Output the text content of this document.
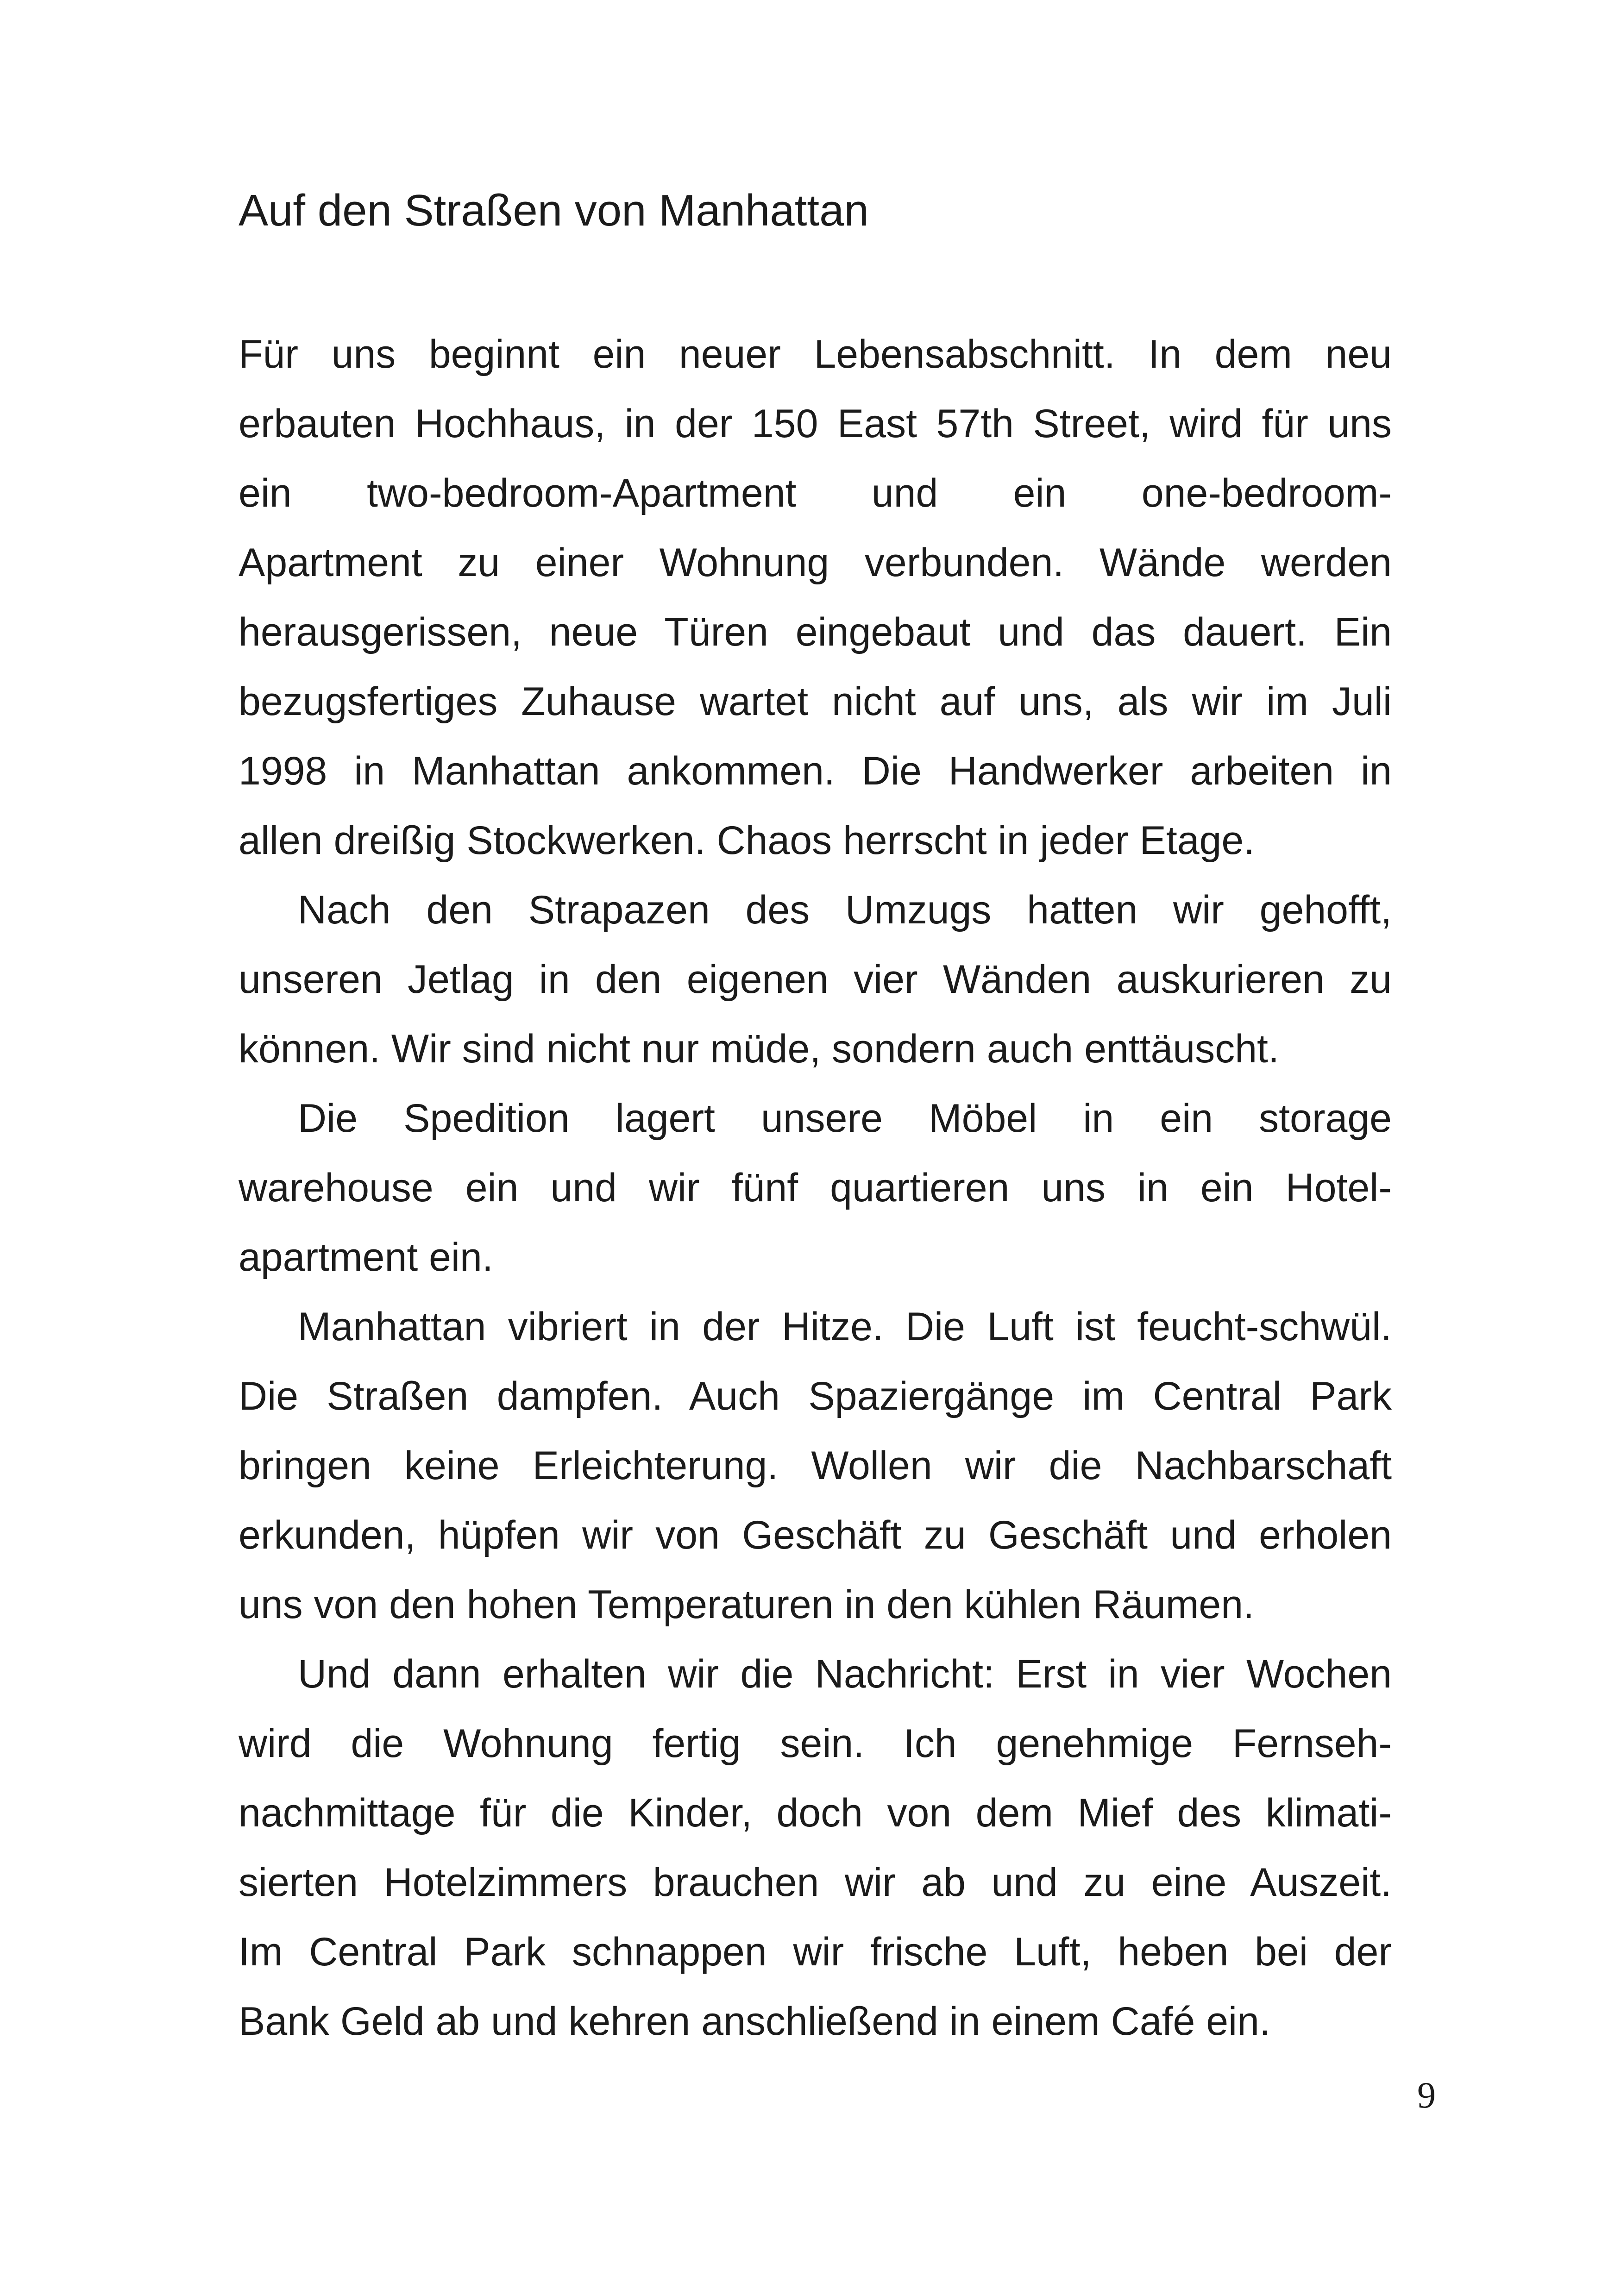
Auf den Straßen von Manhattan
Für uns beginnt ein neuer Lebensabschnitt. In dem neu
erbauten Hochhaus, in der 150 East 57th Street, wird für uns
ein two-bedroom-Apartment und ein one-bedroom-
Apartment zu einer Wohnung verbunden. Wände werden
herausgerissen, neue Türen eingebaut und das dauert. Ein
bezugsfertiges Zuhause wartet nicht auf uns, als wir im Juli
1998 in Manhattan ankommen. Die Handwerker arbeiten in
allen dreißig Stockwerken. Chaos herrscht in jeder Etage.
Nach den Strapazen des Umzugs hatten wir gehofft,
unseren Jetlag in den eigenen vier Wänden auskurieren zu
können. Wir sind nicht nur müde, sondern auch enttäuscht.
Die Spedition lagert unsere Möbel in ein storage
warehouse ein und wir fünf quartieren uns in ein Hotel-
apartment ein.
Manhattan vibriert in der Hitze. Die Luft ist feucht-schwül.
Die Straßen dampfen. Auch Spaziergänge im Central Park
bringen keine Erleichterung. Wollen wir die Nachbarschaft
erkunden, hüpfen wir von Geschäft zu Geschäft und erholen
uns von den hohen Temperaturen in den kühlen Räumen.
Und dann erhalten wir die Nachricht: Erst in vier Wochen
wird die Wohnung fertig sein. Ich genehmige Fernseh-
nachmittage für die Kinder, doch von dem Mief des klimati-
sierten Hotelzimmers brauchen wir ab und zu eine Auszeit.
Im Central Park schnappen wir frische Luft, heben bei der
Bank Geld ab und kehren anschließend in einem Café ein.

9
